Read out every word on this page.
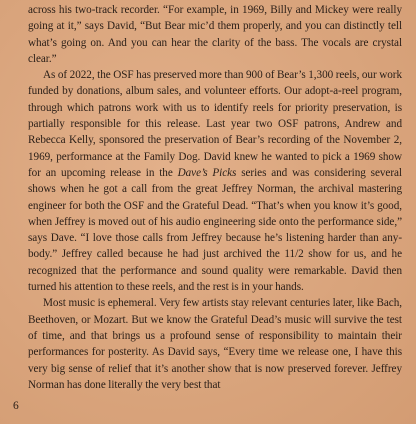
across his two-track recorder. “For example, in 1969, Billy and Mickey were really going at it,” says David, “But Bear mic’d them properly, and you can distinctly tell what’s going on. And you can hear the clarity of the bass. The vocals are crystal clear.”

As of 2022, the OSF has preserved more than 900 of Bear’s 1,300 reels, our work funded by donations, album sales, and volunteer efforts. Our adopt-a-reel program, through which patrons work with us to identify reels for priority preservation, is partially responsible for this release. Last year two OSF patrons, Andrew and Rebecca Kelly, sponsored the preservation of Bear’s recording of the November 2, 1969, performance at the Family Dog. David knew he wanted to pick a 1969 show for an upcoming release in the Dave’s Picks series and was considering several shows when he got a call from the great Jeffrey Norman, the archival mastering engineer for both the OSF and the Grateful Dead. “That’s when you know it’s good, when Jeffrey is moved out of his audio engineering side onto the performance side,” says Dave. “I love those calls from Jeffrey because he’s listening harder than any-body.” Jeffrey called because he had just archived the 11/2 show for us, and he recognized that the performance and sound quality were remarkable. David then turned his attention to these reels, and the rest is in your hands.

Most music is ephemeral. Very few artists stay relevant centuries later, like Bach, Beethoven, or Mozart. But we know the Grateful Dead’s music will survive the test of time, and that brings us a profound sense of responsibility to maintain their performances for posterity. As David says, “Every time we release one, I have this very big sense of relief that it’s another show that is now preserved forever. Jeffrey Norman has done literally the very best that

6
